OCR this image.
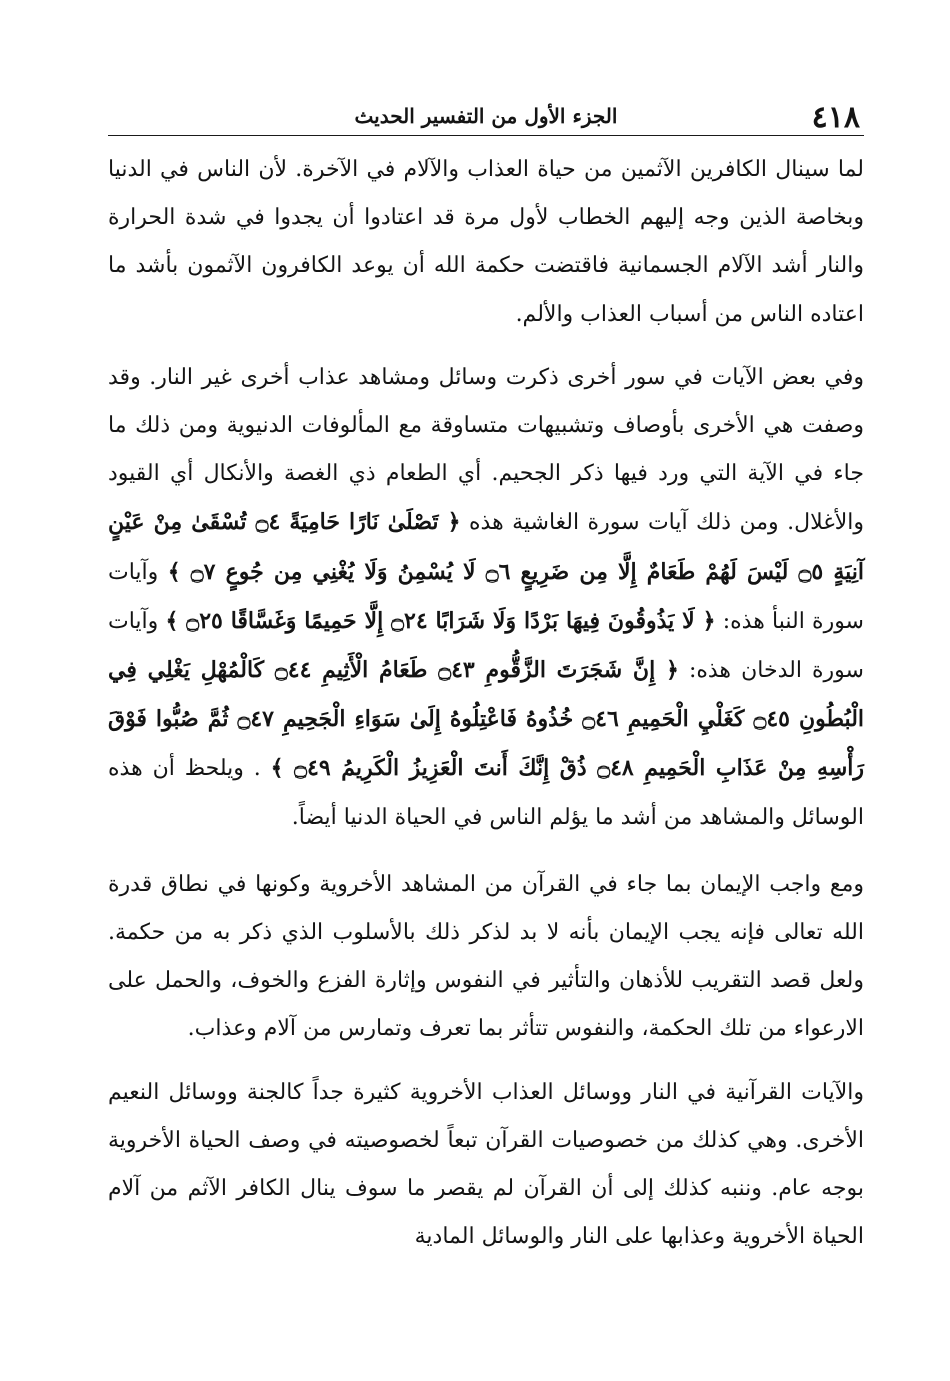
٤١٨
الجزء الأول من التفسير الحديث

لما سينال الكافرين الآثمين من حياة العذاب والآلام في الآخرة. لأن الناس في الدنيا وبخاصة الذين وجه إليهم الخطاب لأول مرة قد اعتادوا أن يجدوا في شدة الحرارة والنار أشد الآلام الجسمانية فاقتضت حكمة الله أن يوعد الكافرون الآثمون بأشد ما اعتاده الناس من أسباب العذاب والألم.

وفي بعض الآيات في سور أخرى ذكرت وسائل ومشاهد عذاب أخرى غير النار. وقد وصفت هي الأخرى بأوصاف وتشبيهات متساوقة مع المألوفات الدنيوية ومن ذلك ما جاء في الآية التي ورد فيها ذكر الجحيم. أي الطعام ذي الغصة والأنكال أي القيود والأغلال. ومن ذلك آيات سورة الغاشية هذه ﴿ تَصْلَىٰ نَارًا حَامِيَةً ۝٤ تُسْقَىٰ مِنْ عَيْنٍ آنِيَةٍ ۝٥ لَيْسَ لَهُمْ طَعَامٌ إِلَّا مِن ضَرِيعٍ ۝٦ لَا يُسْمِنُ وَلَا يُغْنِي مِن جُوعٍ ۝٧ ﴾ وآيات سورة النبأ هذه: ﴿ لَا يَذُوقُونَ فِيهَا بَرْدًا وَلَا شَرَابًا ۝٢٤ إِلَّا حَمِيمًا وَغَسَّاقًا ۝٢٥ ﴾ وآيات سورة الدخان هذه: ﴿ إِنَّ شَجَرَتَ الزَّقُّومِ ۝٤٣ طَعَامُ الْأَثِيمِ ۝٤٤ كَالْمُهْلِ يَغْلِي فِي الْبُطُونِ ۝٤٥ كَغَلْيِ الْحَمِيمِ ۝٤٦ خُذُوهُ فَاعْتِلُوهُ إِلَىٰ سَوَاءِ الْجَحِيمِ ۝٤٧ ثُمَّ صُبُّوا فَوْقَ رَأْسِهِ مِنْ عَذَابِ الْحَمِيمِ ۝٤٨ ذُقْ إِنَّكَ أَنتَ الْعَزِيزُ الْكَرِيمُ ۝٤٩ ﴾ . ويلحظ أن هذه الوسائل والمشاهد من أشد ما يؤلم الناس في الحياة الدنيا أيضاً.

ومع واجب الإيمان بما جاء في القرآن من المشاهد الأخروية وكونها في نطاق قدرة الله تعالى فإنه يجب الإيمان بأنه لا بد لذكر ذلك بالأسلوب الذي ذكر به من حكمة. ولعل قصد التقريب للأذهان والتأثير في النفوس وإثارة الفزع والخوف، والحمل على الارعواء من تلك الحكمة، والنفوس تتأثر بما تعرف وتمارس من آلام وعذاب.

والآيات القرآنية في النار ووسائل العذاب الأخروية كثيرة جداً كالجنة ووسائل النعيم الأخرى. وهي كذلك من خصوصيات القرآن تبعاً لخصوصيته في وصف الحياة الأخروية بوجه عام. وننبه كذلك إلى أن القرآن لم يقصر ما سوف ينال الكافر الآثم من آلام الحياة الأخروية وعذابها على النار والوسائل المادية
